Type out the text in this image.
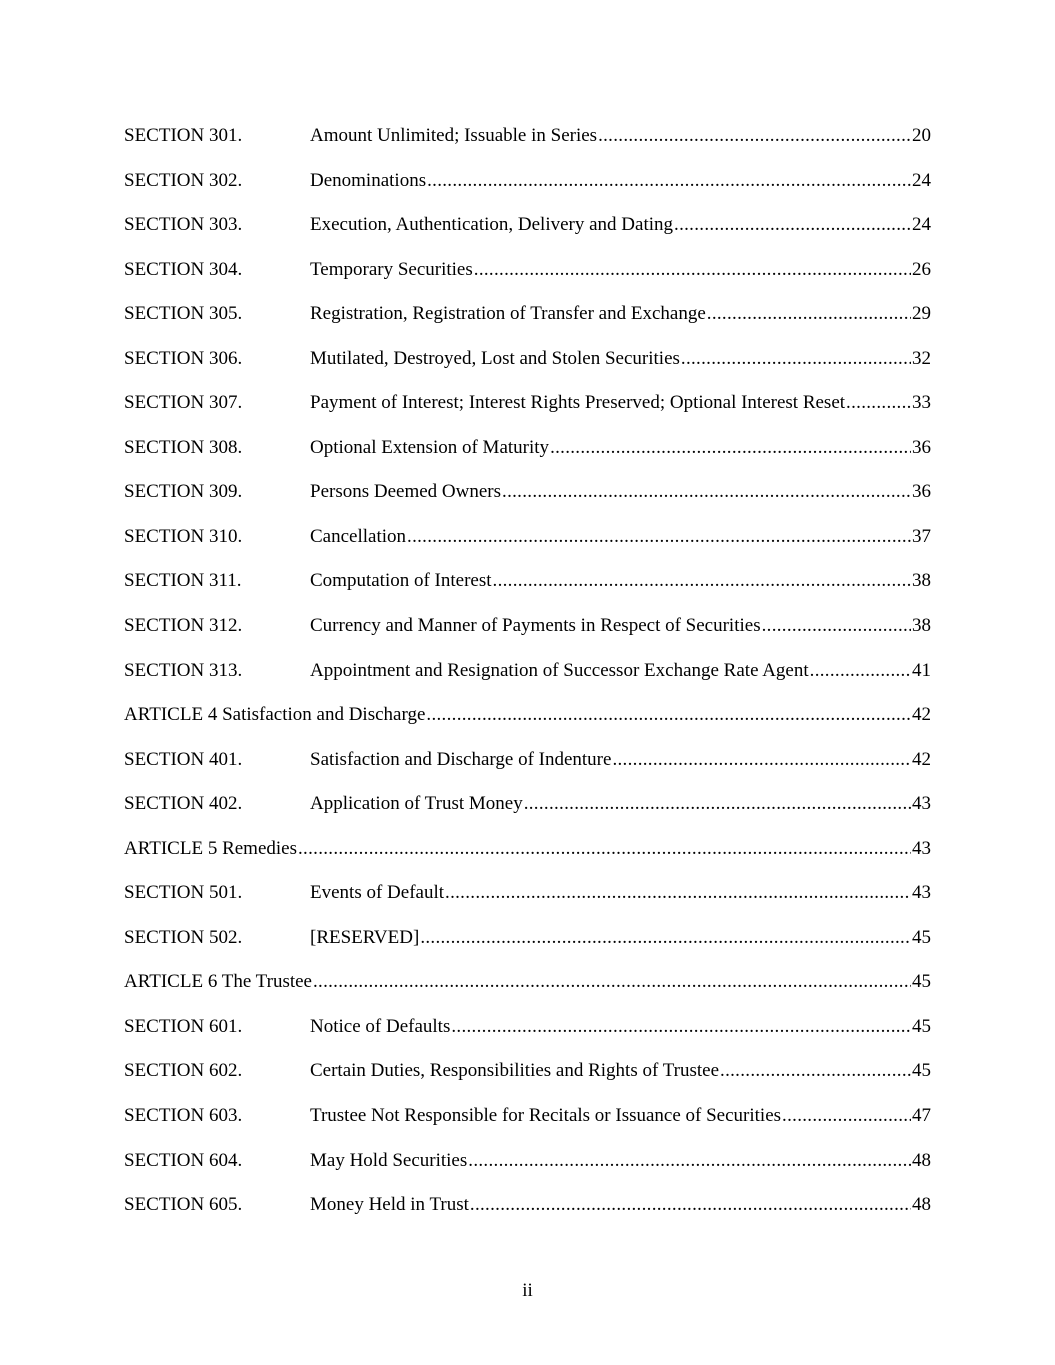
SECTION 301.	Amount Unlimited; Issuable in Series .....	20
SECTION 302.	Denominations .....	24
SECTION 303.	Execution, Authentication, Delivery and Dating .....	24
SECTION 304.	Temporary Securities .....	26
SECTION 305.	Registration, Registration of Transfer and Exchange .....	29
SECTION 306.	Mutilated, Destroyed, Lost and Stolen Securities .....	32
SECTION 307.	Payment of Interest; Interest Rights Preserved; Optional Interest Reset .....	33
SECTION 308.	Optional Extension of Maturity .....	36
SECTION 309.	Persons Deemed Owners .....	36
SECTION 310.	Cancellation .....	37
SECTION 311.	Computation of Interest .....	38
SECTION 312.	Currency and Manner of Payments in Respect of Securities .....	38
SECTION 313.	Appointment and Resignation of Successor Exchange Rate Agent .....	41
ARTICLE 4 Satisfaction and Discharge .....	42
SECTION 401.	Satisfaction and Discharge of Indenture .....	42
SECTION 402.	Application of Trust Money .....	43
ARTICLE 5 Remedies .....	43
SECTION 501.	Events of Default .....	43
SECTION 502.	[RESERVED] .....	45
ARTICLE 6 The Trustee .....	45
SECTION 601.	Notice of Defaults .....	45
SECTION 602.	Certain Duties, Responsibilities and Rights of Trustee .....	45
SECTION 603.	Trustee Not Responsible for Recitals or Issuance of Securities .....	47
SECTION 604.	May Hold Securities .....	48
SECTION 605.	Money Held in Trust .....	48
ii
